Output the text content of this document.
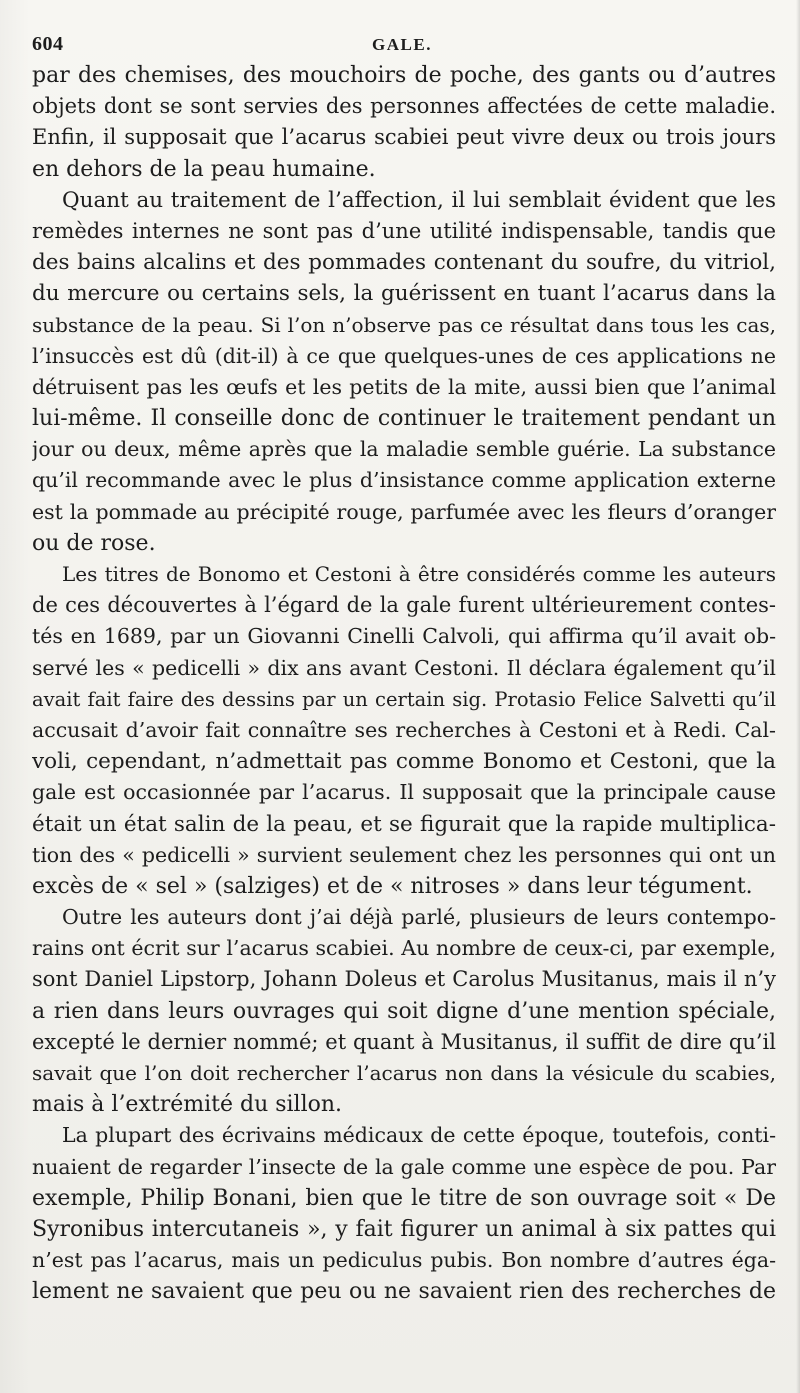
604	GALE.
par des chemises, des mouchoirs de poche, des gants ou d’autres
objets dont se sont servies des personnes affectées de cette maladie.
Enfin, il supposait que l’acarus scabiei peut vivre deux ou trois jours
en dehors de la peau humaine.
Quant au traitement de l’affection, il lui semblait évident que les
remèdes internes ne sont pas d’une utilité indispensable, tandis que
des bains alcalins et des pommades contenant du soufre, du vitriol,
du mercure ou certains sels, la guérissent en tuant l’acarus dans la
substance de la peau. Si l’on n’observe pas ce résultat dans tous les cas,
l’insuccès est dû (dit-il) à ce que quelques-unes de ces applications ne
détruisent pas les œufs et les petits de la mite, aussi bien que l’animal
lui-même. Il conseille donc de continuer le traitement pendant un
jour ou deux, même après que la maladie semble guérie. La substance
qu’il recommande avec le plus d’insistance comme application externe
est la pommade au précipité rouge, parfumée avec les fleurs d’oranger
ou de rose.
Les titres de Bonomo et Cestoni à être considérés comme les auteurs
de ces découvertes à l’égard de la gale furent ultérieurement contes-
tés en 1689, par un Giovanni Cinelli Calvoli, qui affirma qu’il avait ob-
servé les « pedicelli » dix ans avant Cestoni. Il déclara également qu’il
avait fait faire des dessins par un certain sig. Protasio Felice Salvetti qu’il
accusait d’avoir fait connaître ses recherches à Cestoni et à Redi. Cal-
voli, cependant, n’admettait pas comme Bonomo et Cestoni, que la
gale est occasionnée par l’acarus. Il supposait que la principale cause
était un état salin de la peau, et se figurait que la rapide multiplica-
tion des « pedicelli » survient seulement chez les personnes qui ont un
excès de « sel » (salziges) et de « nitroses » dans leur tégument.
Outre les auteurs dont j’ai déjà parlé, plusieurs de leurs contempo-
rains ont écrit sur l’acarus scabiei. Au nombre de ceux-ci, par exemple,
sont Daniel Lipstorp, Johann Doleus et Carolus Musitanus, mais il n’y
a rien dans leurs ouvrages qui soit digne d’une mention spéciale,
excepté le dernier nommé; et quant à Musitanus, il suffit de dire qu’il
savait que l’on doit rechercher l’acarus non dans la vésicule du scabies,
mais à l’extrémité du sillon.
La plupart des écrivains médicaux de cette époque, toutefois, conti-
nuaient de regarder l’insecte de la gale comme une espèce de pou. Par
exemple, Philip Bonani, bien que le titre de son ouvrage soit « De
Syronibus intercutaneis », y fait figurer un animal à six pattes qui
n’est pas l’acarus, mais un pediculus pubis. Bon nombre d’autres éga-
lement ne savaient que peu ou ne savaient rien des recherches de
